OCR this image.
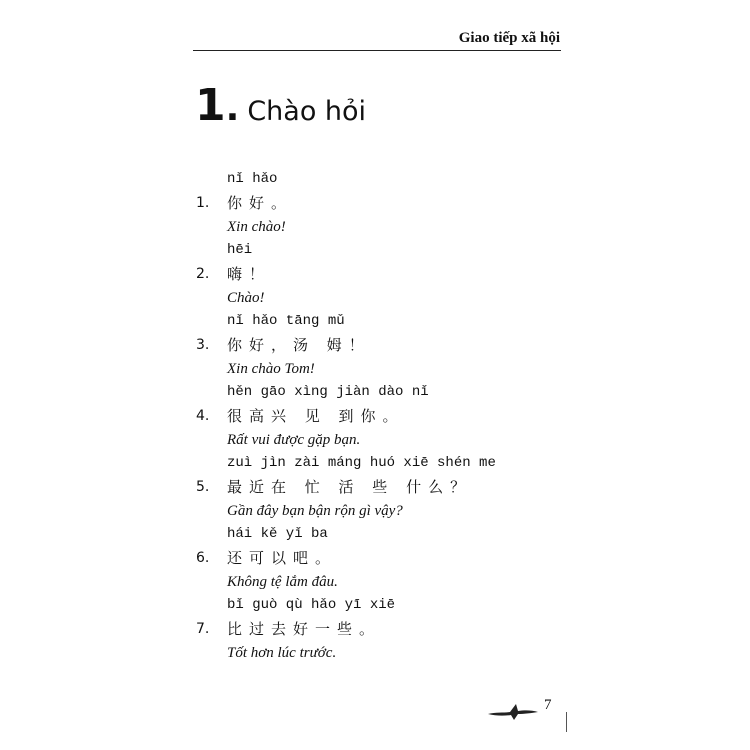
Giao tiếp xã hội
1 . Chào hỏi
nǐ hǎo
1.	你好。
Xin chào!
hēi
2.	嗨！
Chào!
nǐ hǎo tāng mǔ
3.	你好，汤 姆！
Xin chào Tom!
hěn gāo xìng jiàn dào nǐ
4.	很高兴 见 到你。
Rất vui được gặp bạn.
zuì jìn zài máng huó xiē shén me
5.	最近在 忙 活 些 什么？
Gần đây bạn bận rộn gì vậy?
hái kě yǐ ba
6.	还可以吧。
Không tệ lắm đâu.
bǐ guò qù hǎo yī xiē
7.	比过去好一些。
Tốt hơn lúc trước.
7
